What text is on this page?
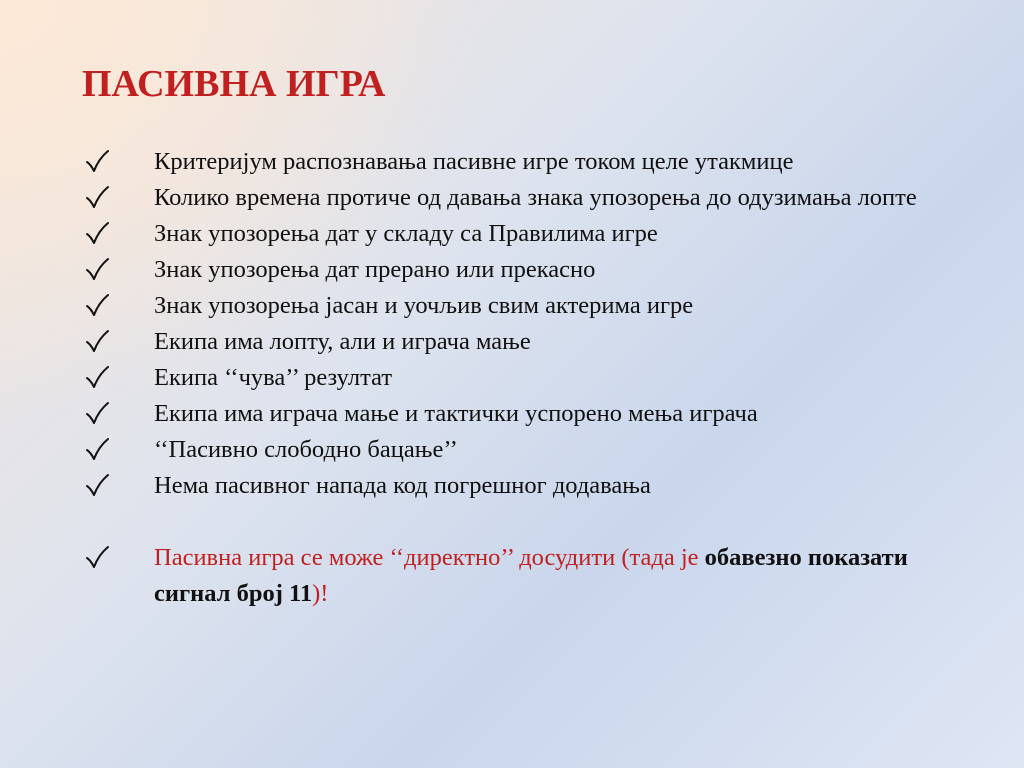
ПАСИВНА ИГРА
Критеријум распознавања пасивне игре током целе утакмице
Колико времена протиче од давања знака упозорења до одузимања лопте
Знак упозорења дат у складу са Правилима игре
Знак упозорења дат прерано или прекасно
Знак упозорења јасан и уочљив свим актерима игре
Екипа има лопту, али и играча мање
Екипа ‘‘чува’’ резултат
Екипа има играча мање и тактички успорено мења играча
‘‘Пасивно слободно бацање’’
Нема пасивног напада код погрешног додавања
Пасивна игра се може ‘‘директно’’ досудити (тада је обавезно показати сигнал број 11)!
